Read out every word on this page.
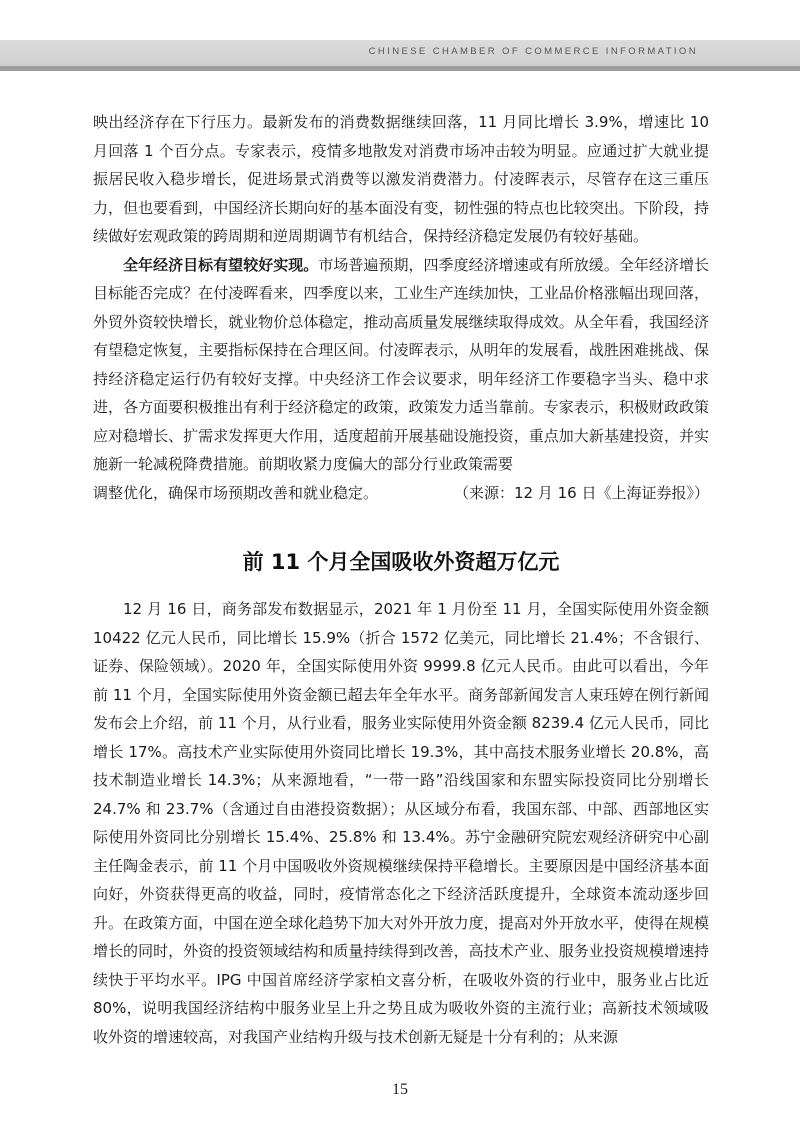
CHINESE CHAMBER OF COMMERCE INFORMATION

映出经济存在下行压力。最新发布的消费数据继续回落，11 月同比增长 3.9%，增速比 10 月回落 1 个百分点。专家表示，疫情多地散发对消费市场冲击较为明显。应通过扩大就业提振居民收入稳步增长，促进场景式消费等以激发消费潜力。付凌晖表示，尽管存在这三重压力，但也要看到，中国经济长期向好的基本面没有变，韧性强的特点也比较突出。下阶段，持续做好宏观政策的跨周期和逆周期调节有机结合，保持经济稳定发展仍有较好基础。

全年经济目标有望较好实现。市场普遍预期，四季度经济增速或有所放缓。全年经济增长目标能否完成？在付凌晖看来，四季度以来，工业生产连续加快，工业品价格涨幅出现回落，外贸外资较快增长，就业物价总体稳定，推动高质量发展继续取得成效。从全年看，我国经济有望稳定恢复，主要指标保持在合理区间。付凌晖表示，从明年的发展看，战胜困难挑战、保持经济稳定运行仍有较好支撑。中央经济工作会议要求，明年经济工作要稳字当头、稳中求进，各方面要积极推出有利于经济稳定的政策，政策发力适当靠前。专家表示，积极财政政策应对稳增长、扩需求发挥更大作用，适度超前开展基础设施投资，重点加大新基建投资，并实施新一轮减税降费措施。前期收紧力度偏大的部分行业政策需要

调整优化，确保市场预期改善和就业稳定。	（来源：12 月 16 日《上海证券报》）
前 11 个月全国吸收外资超万亿元

12 月 16 日，商务部发布数据显示，2021 年 1 月份至 11 月，全国实际使用外资金额 10422 亿元人民币，同比增长 15.9%（折合 1572 亿美元，同比增长 21.4%；不含银行、证券、保险领域）。2020 年，全国实际使用外资 9999.8 亿元人民币。由此可以看出，今年前 11 个月，全国实际使用外资金额已超去年全年水平。商务部新闻发言人束珏婷在例行新闻发布会上介绍，前 11 个月，从行业看，服务业实际使用外资金额 8239.4 亿元人民币，同比增长 17%。高技术产业实际使用外资同比增长 19.3%，其中高技术服务业增长 20.8%，高技术制造业增长 14.3%；从来源地看，“一带一路”沿线国家和东盟实际投资同比分别增长 24.7% 和 23.7%（含通过自由港投资数据）；从区域分布看，我国东部、中部、西部地区实际使用外资同比分别增长 15.4%、25.8% 和 13.4%。苏宁金融研究院宏观经济研究中心副主任陶金表示，前 11 个月中国吸收外资规模继续保持平稳增长。主要原因是中国经济基本面向好，外资获得更高的收益，同时，疫情常态化之下经济活跃度提升，全球资本流动逐步回升。在政策方面，中国在逆全球化趋势下加大对外开放力度，提高对外开放水平，使得在规模增长的同时，外资的投资领域结构和质量持续得到改善，高技术产业、服务业投资规模增速持续快于平均水平。IPG 中国首席经济学家柏文喜分析，在吸收外资的行业中，服务业占比近 80%，说明我国经济结构中服务业呈上升之势且成为吸收外资的主流行业；高新技术领域吸收外资的增速较高，对我国产业结构升级与技术创新无疑是十分有利的；从来源

15
